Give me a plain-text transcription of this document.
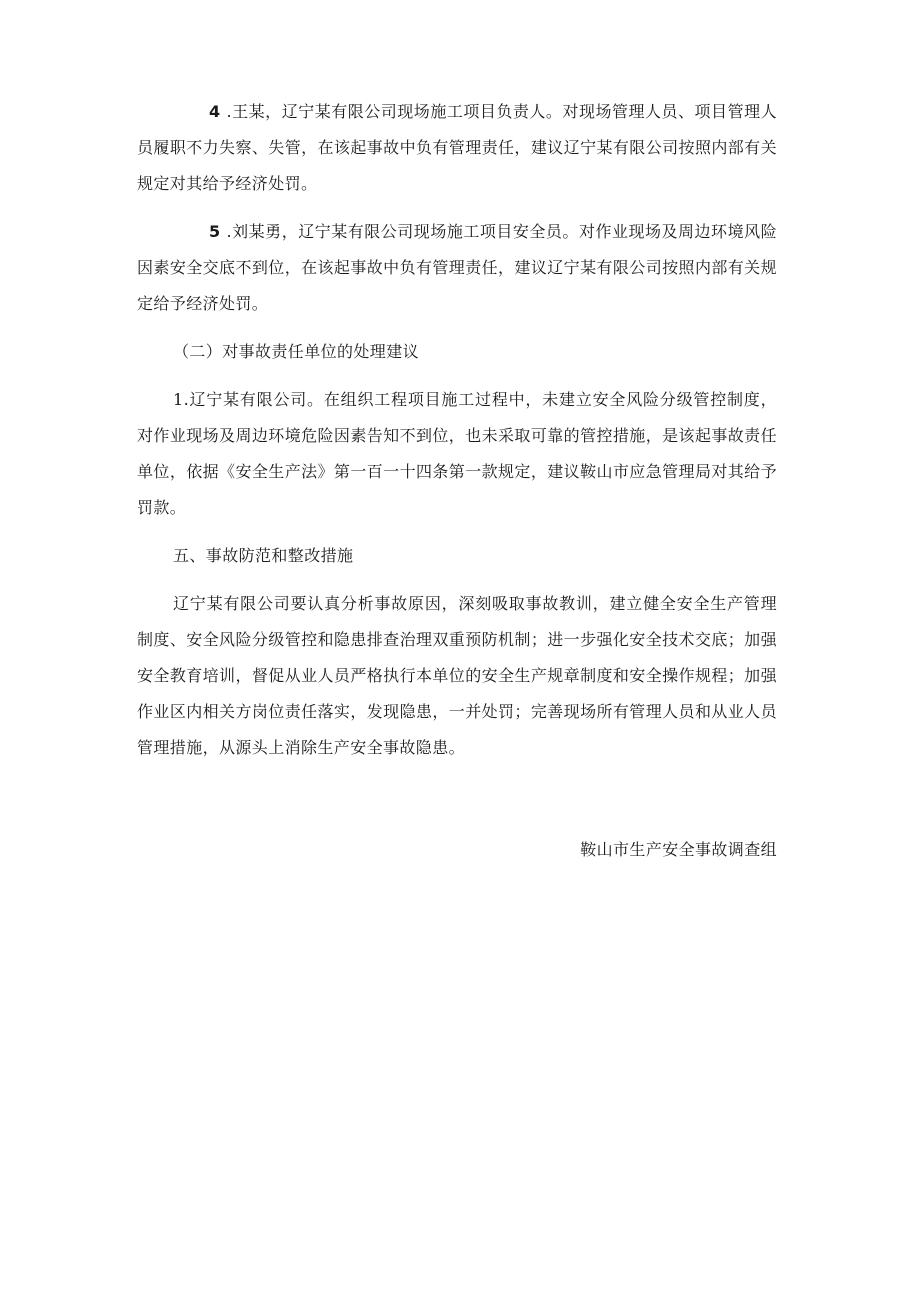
4 .王某，辽宁某有限公司现场施工项目负责人。对现场管理人员、项目管理人员履职不力失察、失管，在该起事故中负有管理责任，建议辽宁某有限公司按照内部有关规定对其给予经济处罚。

5 .刘某勇，辽宁某有限公司现场施工项目安全员。对作业现场及周边环境风险因素安全交底不到位，在该起事故中负有管理责任，建议辽宁某有限公司按照内部有关规定给予经济处罚。

（二）对事故责任单位的处理建议

1.辽宁某有限公司。在组织工程项目施工过程中，未建立安全风险分级管控制度，对作业现场及周边环境危险因素告知不到位，也未采取可靠的管控措施，是该起事故责任单位，依据《安全生产法》第一百一十四条第一款规定，建议鞍山市应急管理局对其给予罚款。

五、事故防范和整改措施

辽宁某有限公司要认真分析事故原因，深刻吸取事故教训，建立健全安全生产管理制度、安全风险分级管控和隐患排查治理双重预防机制；进一步强化安全技术交底；加强安全教育培训，督促从业人员严格执行本单位的安全生产规章制度和安全操作规程；加强作业区内相关方岗位责任落实，发现隐患，一并处罚；完善现场所有管理人员和从业人员管理措施，从源头上消除生产安全事故隐患。

鞍山市生产安全事故调查组
